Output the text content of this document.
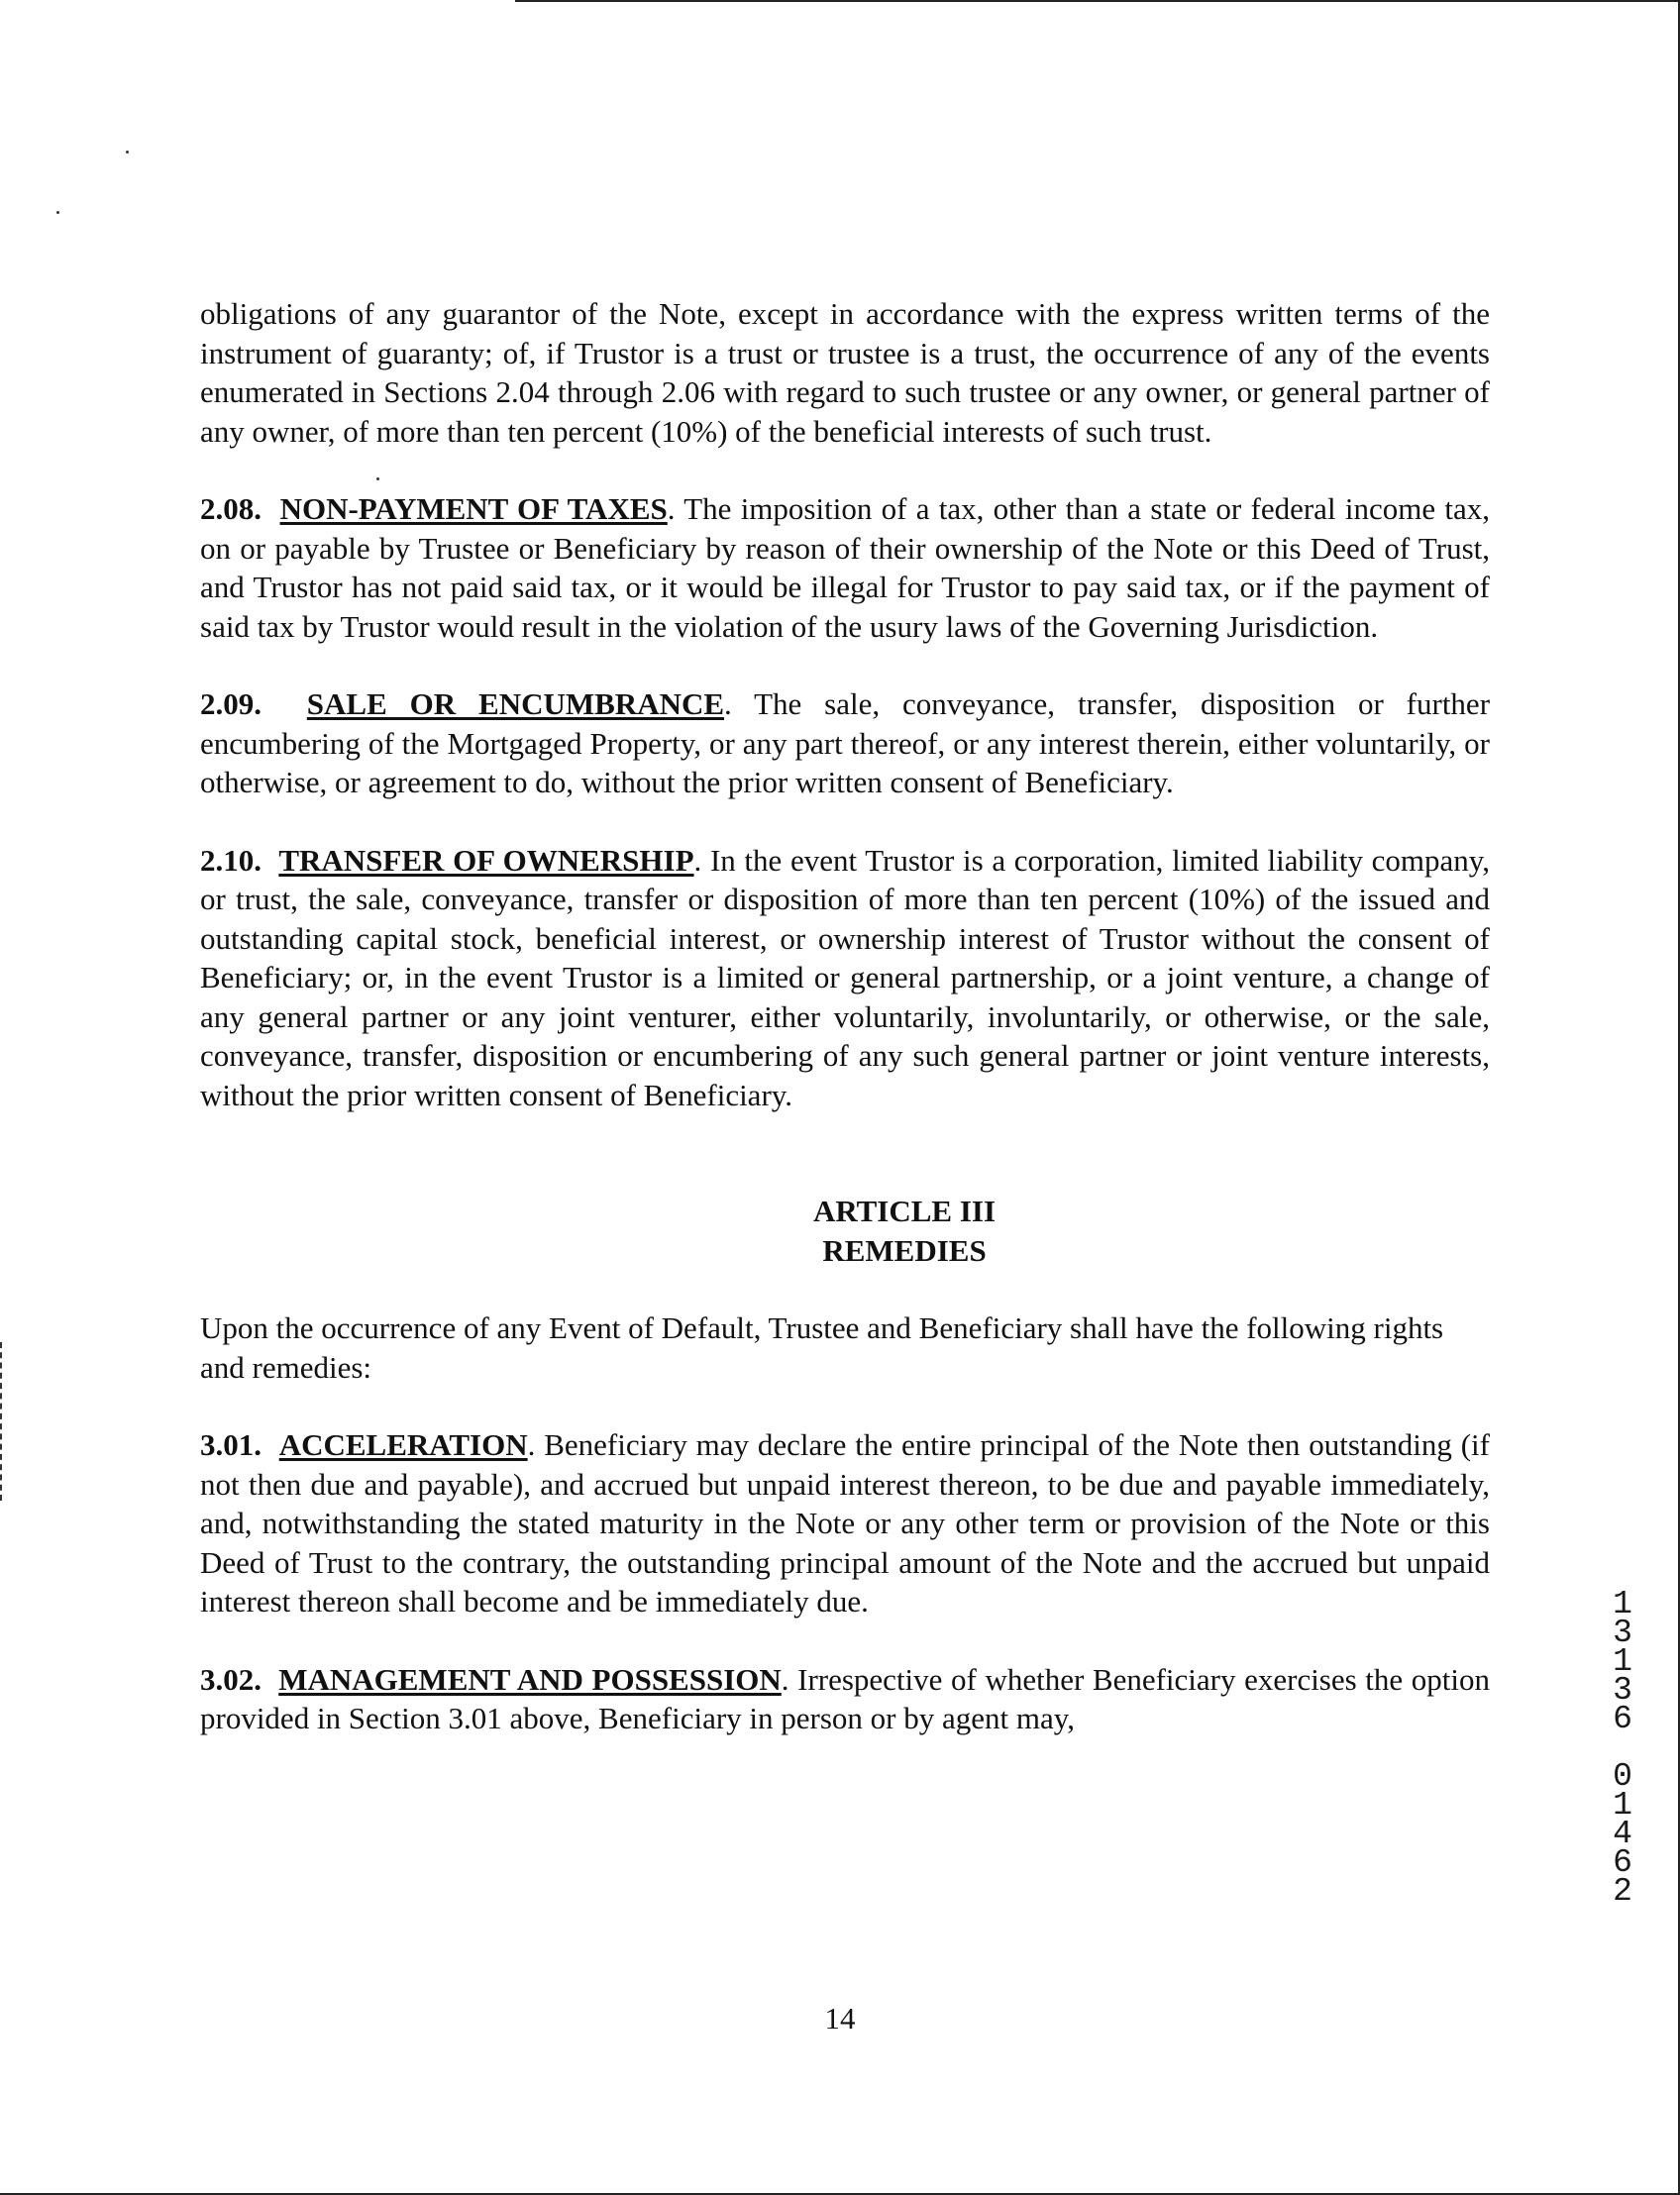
obligations of any guarantor of the Note, except in accordance with the express written terms of the instrument of guaranty; of, if Trustor is a trust or trustee is a trust, the occurrence of any of the events enumerated in Sections 2.04 through 2.06 with regard to such trustee or any owner, or general partner of any owner, of more than ten percent (10%) of the beneficial interests of such trust.

2.08. NON-PAYMENT OF TAXES. The imposition of a tax, other than a state or federal income tax, on or payable by Trustee or Beneficiary by reason of their ownership of the Note or this Deed of Trust, and Trustor has not paid said tax, or it would be illegal for Trustor to pay said tax, or if the payment of said tax by Trustor would result in the violation of the usury laws of the Governing Jurisdiction.

2.09. SALE OR ENCUMBRANCE. The sale, conveyance, transfer, disposition or further encumbering of the Mortgaged Property, or any part thereof, or any interest therein, either voluntarily, or otherwise, or agreement to do, without the prior written consent of Beneficiary.

2.10. TRANSFER OF OWNERSHIP. In the event Trustor is a corporation, limited liability company, or trust, the sale, conveyance, transfer or disposition of more than ten percent (10%) of the issued and outstanding capital stock, beneficial interest, or ownership interest of Trustor without the consent of Beneficiary; or, in the event Trustor is a limited or general partnership, or a joint venture, a change of any general partner or any joint venturer, either voluntarily, involuntarily, or otherwise, or the sale, conveyance, transfer, disposition or encumbering of any such general partner or joint venture interests, without the prior written consent of Beneficiary.

ARTICLE III

REMEDIES

Upon the occurrence of any Event of Default, Trustee and Beneficiary shall have the following rights and remedies:

3.01. ACCELERATION. Beneficiary may declare the entire principal of the Note then outstanding (if not then due and payable), and accrued but unpaid interest thereon, to be due and payable immediately, and, notwithstanding the stated maturity in the Note or any other term or provision of the Note or this Deed of Trust to the contrary, the outstanding principal amount of the Note and the accrued but unpaid interest thereon shall become and be immediately due.

3.02. MANAGEMENT AND POSSESSION. Irrespective of whether Beneficiary exercises the option provided in Section 3.01 above, Beneficiary in person or by agent may,

1
3
1
3
6

0
1
4
6
2
14
